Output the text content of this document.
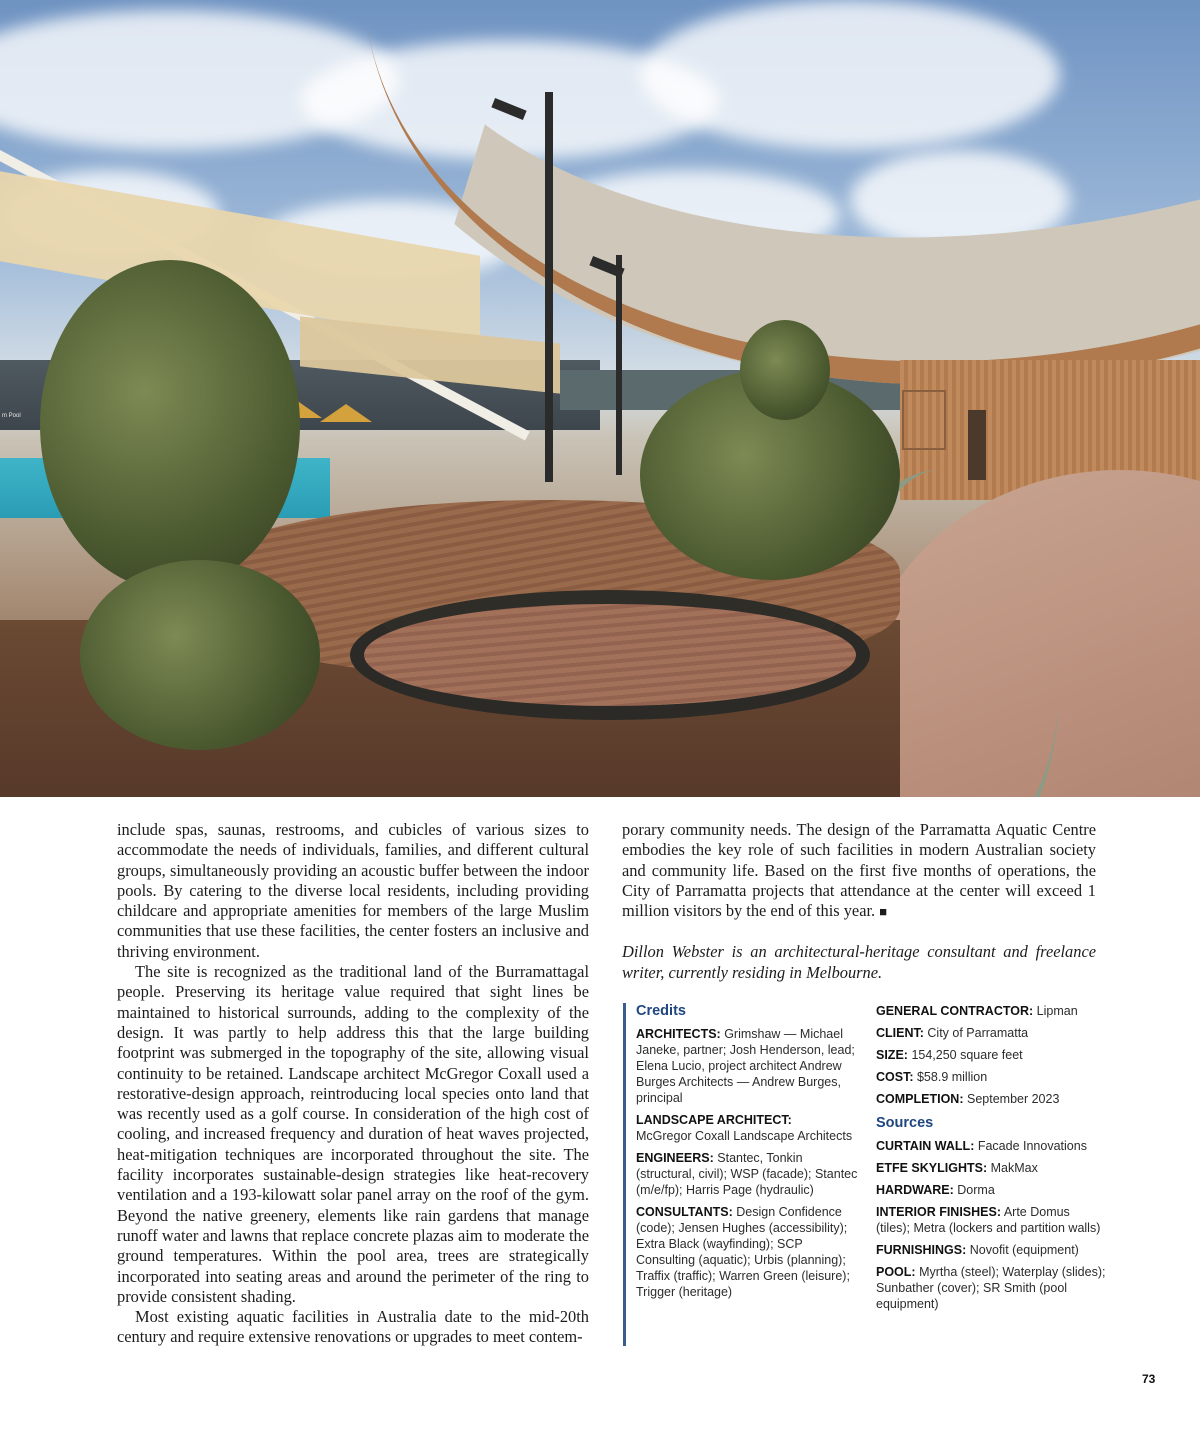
m Pool

include spas, saunas, restrooms, and cubicles of various sizes to accommodate the needs of individuals, families, and different cultural groups, simultaneously providing an acoustic buffer between the indoor pools. By catering to the diverse local residents, including providing childcare and appropriate amenities for members of the large Muslim communities that use these facilities, the center fosters an inclusive and thriving environment.

The site is recognized as the traditional land of the Burramattagal people. Preserving its heritage value required that sight lines be maintained to historical surrounds, adding to the complexity of the design. It was partly to help address this that the large building footprint was submerged in the topography of the site, allowing visual continuity to be retained. Landscape architect McGregor Coxall used a restorative-design approach, reintroducing local species onto land that was recently used as a golf course. In consideration of the high cost of cooling, and increased frequency and duration of heat waves projected, heat-mitigation techniques are incorporated throughout the site. The facility incorporates sustainable-design strategies like heat-recovery ventilation and a 193-kilowatt solar panel array on the roof of the gym. Beyond the native greenery, elements like rain gardens that manage runoff water and lawns that replace concrete plazas aim to moderate the ground temperatures. Within the pool area, trees are strategically incorporated into seating areas and around the perimeter of the ring to provide consistent shading.

Most existing aquatic facilities in Australia date to the mid-20th century and require extensive renovations or upgrades to meet contem-

porary community needs. The design of the Parramatta Aquatic Centre embodies the key role of such facilities in modern Australian society and community life. Based on the first five months of operations, the City of Parramatta projects that attendance at the center will exceed 1 million visitors by the end of this year. ■

Dillon Webster is an architectural-heritage consultant and freelance writer, currently residing in Melbourne.

Credits
ARCHITECTS: Grimshaw — Michael Janeke, partner; Josh Henderson, lead; Elena Lucio, project architect Andrew Burges Architects — Andrew Burges, principal
LANDSCAPE ARCHITECT:
McGregor Coxall Landscape Architects
ENGINEERS: Stantec, Tonkin (structural, civil); WSP (facade); Stantec (m/e/fp); Harris Page (hydraulic)
CONSULTANTS: Design Confidence (code); Jensen Hughes (accessibility); Extra Black (wayfinding); SCP Consulting (aquatic); Urbis (planning); Traffix (traffic); Warren Green (leisure); Trigger (heritage)
GENERAL CONTRACTOR: Lipman
CLIENT: City of Parramatta
SIZE: 154,250 square feet
COST: $58.9 million
COMPLETION: September 2023
Sources
CURTAIN WALL: Facade Innovations
ETFE SKYLIGHTS: MakMax
HARDWARE: Dorma
INTERIOR FINISHES: Arte Domus (tiles); Metra (lockers and partition walls)
FURNISHINGS: Novofit (equipment)
POOL: Myrtha (steel); Waterplay (slides); Sunbather (cover); SR Smith (pool equipment)
73
